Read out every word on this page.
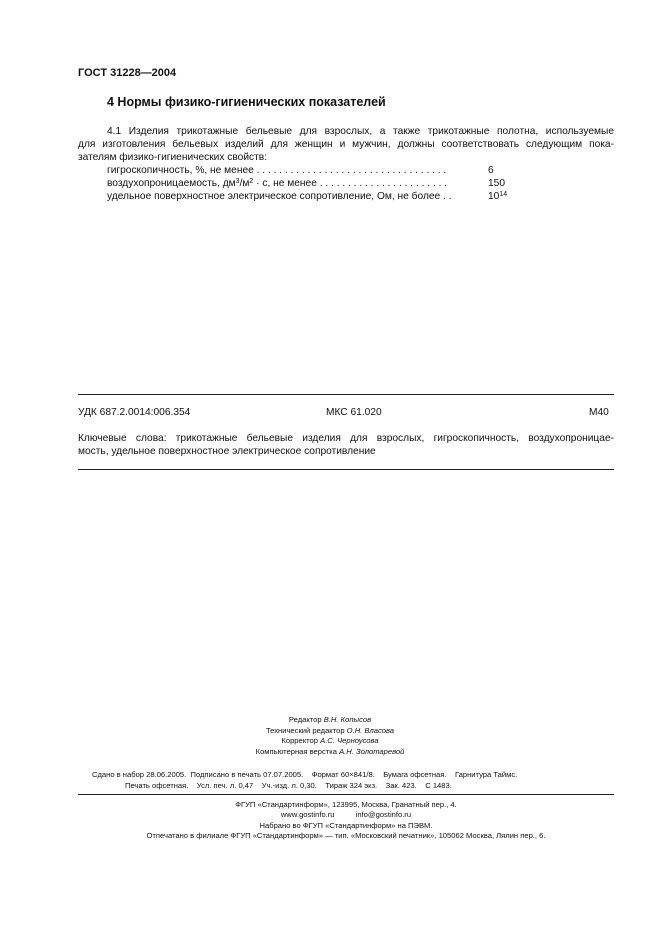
ГОСТ 31228—2004
4 Нормы физико-гигиенических показателей
4.1 Изделия трикотажные бельевые для взрослых, а также трикотажные полотна, используемые
для изготовления бельевых изделий для женщин и мужчин, должны соответствовать следующим пока-
зателям физико-гигиенических свойств:
гигроскопичность, %, не менее . . . . . . . . . . . . . . . . . . . . . . . . . . . . . . . . . .	6
воздухопроницаемость, $дм^3/м^2 \cdot с$, не менее . . . . . . . . . . . . . . . . . . . . . . .	150
удельное поверхностное электрическое сопротивление, Ом, не более . .	$10^{14}$
УДК 687.2.0014:006.354	МКС 61.020	М40
Ключевые слова: трикотажные бельевые изделия для взрослых, гигроскопичность, воздухопроницае-
мость, удельное поверхностное электрическое сопротивление
Редактор В.Н. Копысов
Технический редактор О.Н. Власова
Корректор А.С. Черноусова
Компьютерная верстка А.Н. Золотаревой
Сдано в набор 28.06.2005. Подписано в печать 07.07.2005. Формат 60×841/8.    Бумага офсетная. Гарнитура Таймс.
Печать офсетная. Усл. печ. л. 0,47 Уч.-изд. л. 0,30. Тираж 324 экз. Зак. 423. С 1483.
ФГУП «Стандартинформ», 123995, Москва, Гранатный пер., 4.
www.gostinfo.ru	info@gostinfo.ru
Набрано во ФГУП «Стандартинформ» на ПЭВМ.
Отпечатано в филиале ФГУП «Стандартинформ» — тип. «Московский печатник», 105062 Москва, Лялин пер., 6.
